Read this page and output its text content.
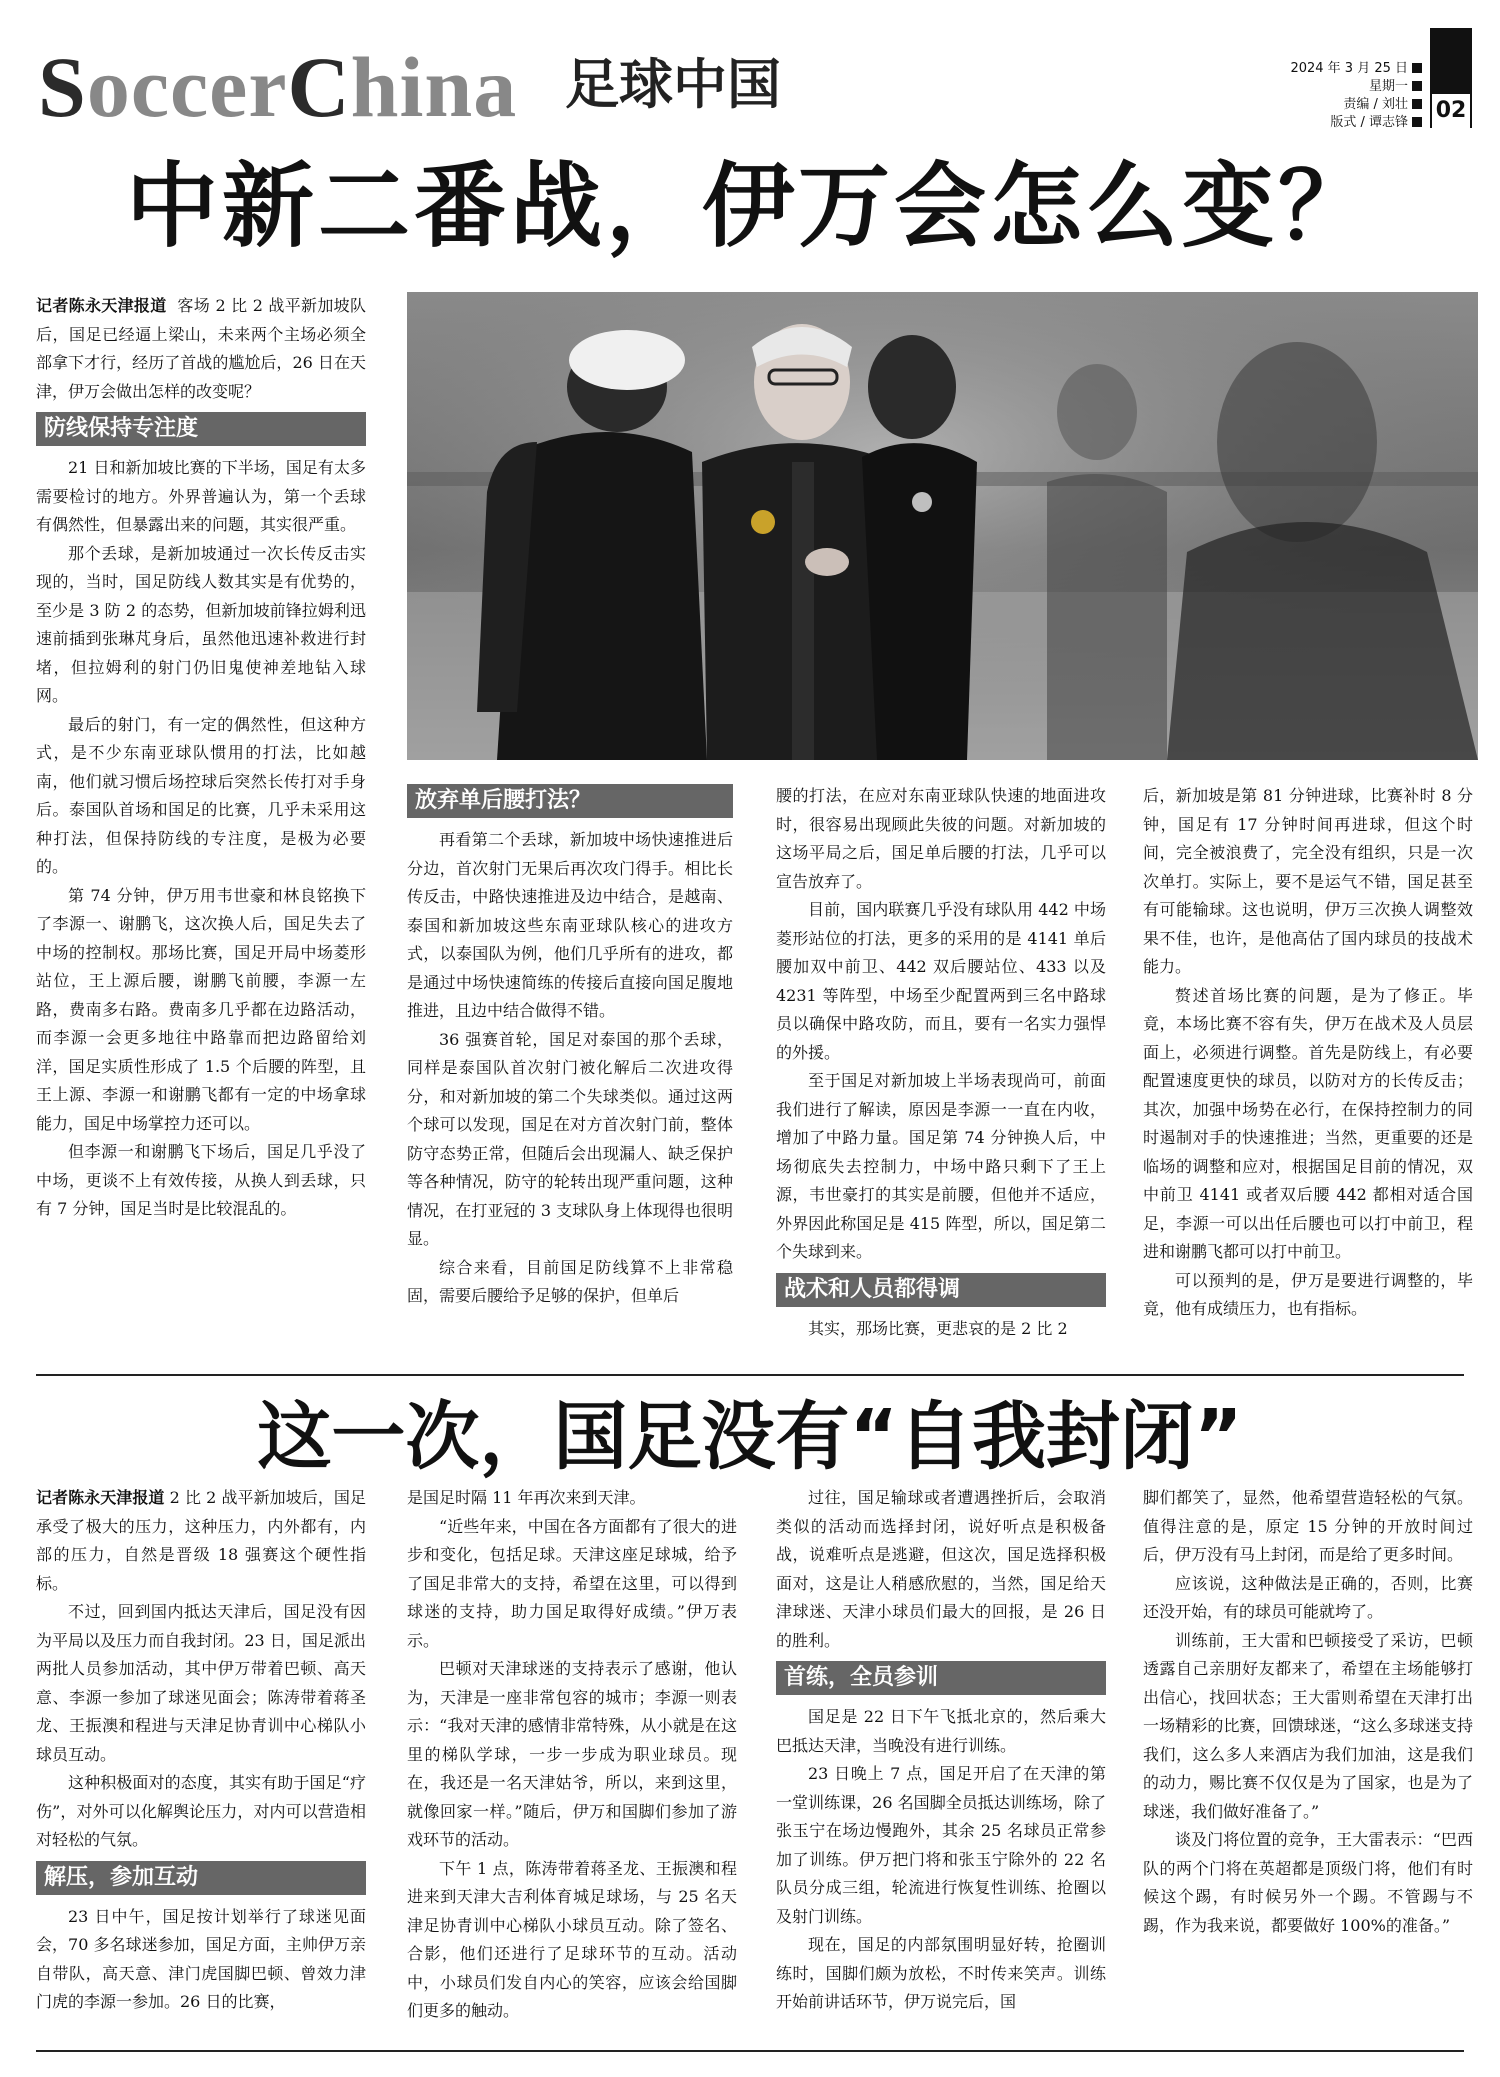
SoccerChina 足球中国	2024 年 3 月 25 日
星期一
责编 / 刘壮
版式 / 谭志锋	02
中新二番战，伊万会怎么变？

记者陈永天津报道 客场 2 比 2 战平新加坡队后，国足已经逼上梁山，未来两个主场必须全部拿下才行，经历了首战的尴尬后，26 日在天津，伊万会做出怎样的改变呢？

防线保持专注度

21 日和新加坡比赛的下半场，国足有太多需要检讨的地方。外界普遍认为，第一个丢球有偶然性，但暴露出来的问题，其实很严重。

那个丢球，是新加坡通过一次长传反击实现的，当时，国足防线人数其实是有优势的，至少是 3 防 2 的态势，但新加坡前锋拉姆利迅速前插到张琳芃身后，虽然他迅速补救进行封堵，但拉姆利的射门仍旧鬼使神差地钻入球网。

最后的射门，有一定的偶然性，但这种方式，是不少东南亚球队惯用的打法，比如越南，他们就习惯后场控球后突然长传打对手身后。泰国队首场和国足的比赛，几乎未采用这种打法，但保持防线的专注度，是极为必要的。

第 74 分钟，伊万用韦世豪和林良铭换下了李源一、谢鹏飞，这次换人后，国足失去了中场的控制权。那场比赛，国足开局中场菱形站位，王上源后腰，谢鹏飞前腰，李源一左路，费南多右路。费南多几乎都在边路活动，而李源一会更多地往中路靠而把边路留给刘洋，国足实质性形成了 1.5 个后腰的阵型，且王上源、李源一和谢鹏飞都有一定的中场拿球能力，国足中场掌控力还可以。

但李源一和谢鹏飞下场后，国足几乎没了中场，更谈不上有效传接，从换人到丢球，只有 7 分钟，国足当时是比较混乱的。

放弃单后腰打法？

再看第二个丢球，新加坡中场快速推进后分边，首次射门无果后再次攻门得手。相比长传反击，中路快速推进及边中结合，是越南、泰国和新加坡这些东南亚球队核心的进攻方式，以泰国队为例，他们几乎所有的进攻，都是通过中场快速简练的传接后直接向国足腹地推进，且边中结合做得不错。

36 强赛首轮，国足对泰国的那个丢球，同样是泰国队首次射门被化解后二次进攻得分，和对新加坡的第二个失球类似。通过这两个球可以发现，国足在对方首次射门前，整体防守态势正常，但随后会出现漏人、缺乏保护等各种情况，防守的轮转出现严重问题，这种情况，在打亚冠的 3 支球队身上体现得也很明显。

综合来看，目前国足防线算不上非常稳固，需要后腰给予足够的保护，但单后

腰的打法，在应对东南亚球队快速的地面进攻时，很容易出现顾此失彼的问题。对新加坡的这场平局之后，国足单后腰的打法，几乎可以宣告放弃了。

目前，国内联赛几乎没有球队用 442 中场菱形站位的打法，更多的采用的是 4141 单后腰加双中前卫、442 双后腰站位、433 以及 4231 等阵型，中场至少配置两到三名中路球员以确保中路攻防，而且，要有一名实力强悍的外援。

至于国足对新加坡上半场表现尚可，前面我们进行了解读，原因是李源一一直在内收，增加了中路力量。国足第 74 分钟换人后，中场彻底失去控制力，中场中路只剩下了王上源，韦世豪打的其实是前腰，但他并不适应，外界因此称国足是 415 阵型，所以，国足第二个失球到来。

战术和人员都得调

其实，那场比赛，更悲哀的是 2 比 2

后，新加坡是第 81 分钟进球，比赛补时 8 分钟，国足有 17 分钟时间再进球，但这个时间，完全被浪费了，完全没有组织，只是一次次单打。实际上，要不是运气不错，国足甚至有可能输球。这也说明，伊万三次换人调整效果不佳，也许，是他高估了国内球员的技战术能力。

赘述首场比赛的问题，是为了修正。毕竟，本场比赛不容有失，伊万在战术及人员层面上，必须进行调整。首先是防线上，有必要配置速度更快的球员，以防对方的长传反击；其次，加强中场势在必行，在保持控制力的同时遏制对手的快速推进；当然，更重要的还是临场的调整和应对，根据国足目前的情况，双中前卫 4141 或者双后腰 442 都相对适合国足，李源一可以出任后腰也可以打中前卫，程进和谢鹏飞都可以打中前卫。

可以预判的是，伊万是要进行调整的，毕竟，他有成绩压力，也有指标。

这一次，国足没有“自我封闭”

记者陈永天津报道 2 比 2 战平新加坡后，国足承受了极大的压力，这种压力，内外都有，内部的压力，自然是晋级 18 强赛这个硬性指标。

不过，回到国内抵达天津后，国足没有因为平局以及压力而自我封闭。23 日，国足派出两批人员参加活动，其中伊万带着巴顿、高天意、李源一参加了球迷见面会；陈涛带着蒋圣龙、王振澳和程进与天津足协青训中心梯队小球员互动。

这种积极面对的态度，其实有助于国足“疗伤”，对外可以化解舆论压力，对内可以营造相对轻松的气氛。

解压，参加互动

23 日中午，国足按计划举行了球迷见面会，70 多名球迷参加，国足方面，主帅伊万亲自带队，高天意、津门虎国脚巴顿、曾效力津门虎的李源一参加。26 日的比赛，

是国足时隔 11 年再次来到天津。

“近些年来，中国在各方面都有了很大的进步和变化，包括足球。天津这座足球城，给予了国足非常大的支持，希望在这里，可以得到球迷的支持，助力国足取得好成绩。”伊万表示。

巴顿对天津球迷的支持表示了感谢，他认为，天津是一座非常包容的城市；李源一则表示：“我对天津的感情非常特殊，从小就是在这里的梯队学球，一步一步成为职业球员。现在，我还是一名天津姑爷，所以，来到这里，就像回家一样。”随后，伊万和国脚们参加了游戏环节的活动。

下午 1 点，陈涛带着蒋圣龙、王振澳和程进来到天津大吉利体育城足球场，与 25 名天津足协青训中心梯队小球员互动。除了签名、合影，他们还进行了足球环节的互动。活动中，小球员们发自内心的笑容，应该会给国脚们更多的触动。

过往，国足输球或者遭遇挫折后，会取消类似的活动而选择封闭，说好听点是积极备战，说难听点是逃避，但这次，国足选择积极面对，这是让人稍感欣慰的，当然，国足给天津球迷、天津小球员们最大的回报，是 26 日的胜利。

首练，全员参训

国足是 22 日下午飞抵北京的，然后乘大巴抵达天津，当晚没有进行训练。

23 日晚上 7 点，国足开启了在天津的第一堂训练课，26 名国脚全员抵达训练场，除了张玉宁在场边慢跑外，其余 25 名球员正常参加了训练。伊万把门将和张玉宁除外的 22 名队员分成三组，轮流进行恢复性训练、抢圈以及射门训练。

现在，国足的内部氛围明显好转，抢圈训练时，国脚们颇为放松，不时传来笑声。训练开始前讲话环节，伊万说完后，国

脚们都笑了，显然，他希望营造轻松的气氛。值得注意的是，原定 15 分钟的开放时间过后，伊万没有马上封闭，而是给了更多时间。

应该说，这种做法是正确的，否则，比赛还没开始，有的球员可能就垮了。

训练前，王大雷和巴顿接受了采访，巴顿透露自己亲朋好友都来了，希望在主场能够打出信心，找回状态；王大雷则希望在天津打出一场精彩的比赛，回馈球迷，“这么多球迷支持我们，这么多人来酒店为我们加油，这是我们的动力，赐比赛不仅仅是为了国家，也是为了球迷，我们做好准备了。”

谈及门将位置的竞争，王大雷表示：“巴西队的两个门将在英超都是顶级门将，他们有时候这个踢，有时候另外一个踢。不管踢与不踢，作为我来说，都要做好 100%的准备。”
